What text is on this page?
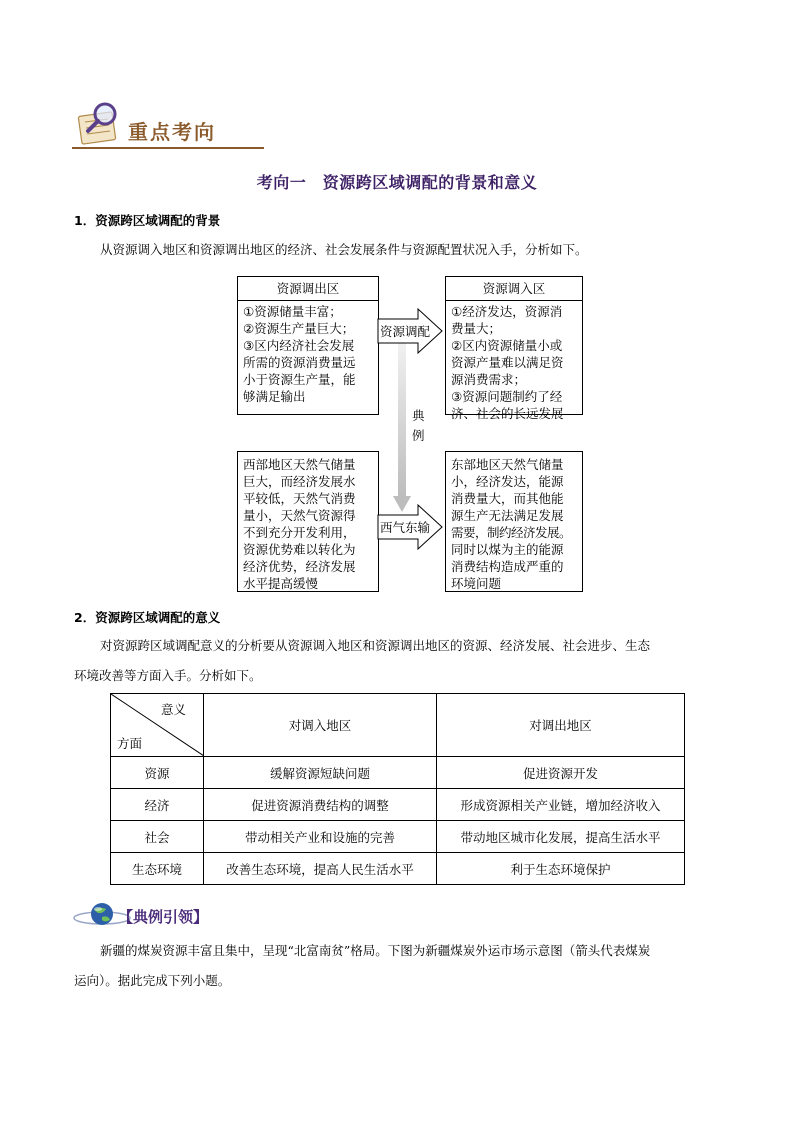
重点考向
考向一　资源跨区域调配的背景和意义
1．资源跨区域调配的背景
从资源调入地区和资源调出地区的经济、社会发展条件与资源配置状况入手，分析如下。
资源调出区
①资源储量丰富；
②资源生产量巨大；
③区内经济社会发展
所需的资源消费量远
小于资源生产量，能
够满足输出
资源调入区
①经济发达，资源消
费量大；
②区内资源储量小或
资源产量难以满足资
源消费需求；
③资源问题制约了经
济、社会的长远发展
西部地区天然气储量
巨大，而经济发展水
平较低，天然气消费
量小，天然气资源得
不到充分开发利用，
资源优势难以转化为
经济优势，经济发展
水平提高缓慢
东部地区天然气储量
小，经济发达，能源
消费量大，而其他能
源生产无法满足发展
需要，制约经济发展。
同时以煤为主的能源
消费结构造成严重的
环境问题
资源调配
西气东输
典
例
2．资源跨区域调配的意义
对资源跨区域调配意义的分析要从资源调入地区和资源调出地区的资源、经济发展、社会进步、生态
环境改善等方面入手。分析如下。
意义
方面	对调入地区	对调出地区
资源	缓解资源短缺问题	促进资源开发
经济	促进资源消费结构的调整	形成资源相关产业链，增加经济收入
社会	带动相关产业和设施的完善	带动地区城市化发展，提高生活水平
生态环境	改善生态环境，提高人民生活水平	利于生态环境保护
【典例引领】
新疆的煤炭资源丰富且集中，呈现“北富南贫”格局。下图为新疆煤炭外运市场示意图（箭头代表煤炭
运向）。据此完成下列小题。
